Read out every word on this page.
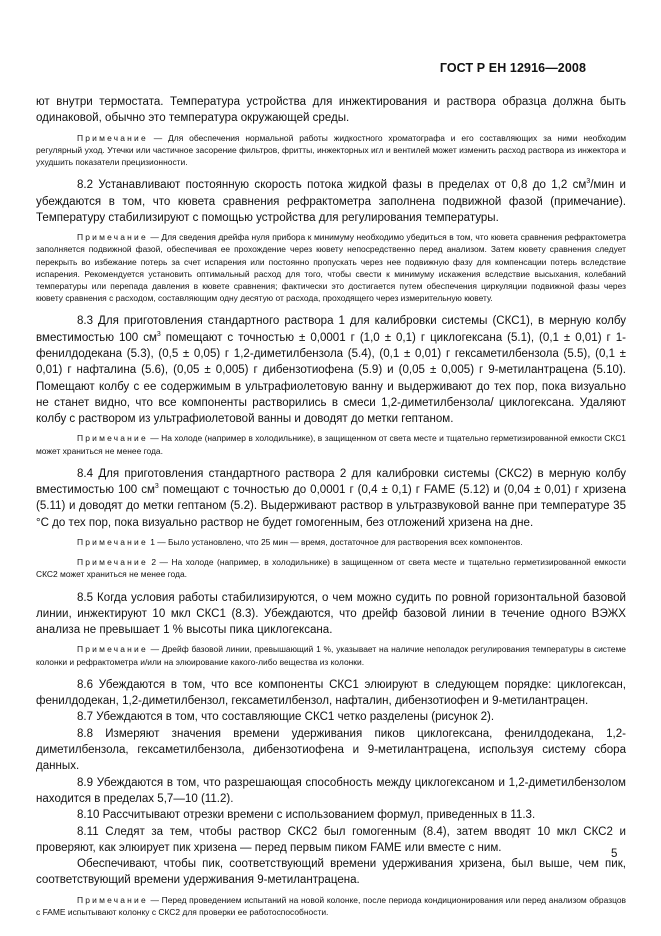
ГОСТ Р ЕН 12916—2008

ют внутри термостата. Температура устройства для инжектирования и раствора образца должна быть одинаковой, обычно это температура окружающей среды.

Примечание — Для обеспечения нормальной работы жидкостного хроматографа и его составляющих за ними необходим регулярный уход. Утечки или частичное засорение фильтров, фритты, инжекторных игл и вентилей может изменить расход раствора из инжектора и ухудшить показатели прецизионности.

8.2 Устанавливают постоянную скорость потока жидкой фазы в пределах от 0,8 до 1,2 $см^3$/мин и убеждаются в том, что кювета сравнения рефрактометра заполнена подвижной фазой (примечание). Температуру стабилизируют с помощью устройства для регулирования температуры.

Примечание — Для сведения дрейфа нуля прибора к минимуму необходимо убедиться в том, что кювета сравнения рефрактометра заполняется подвижной фазой, обеспечивая ее прохождение через кювету непосредственно перед анализом. Затем кювету сравнения следует перекрыть во избежание потерь за счет испарения или постоянно пропускать через нее подвижную фазу для компенсации потерь вследствие испарения. Рекомендуется установить оптимальный расход для того, чтобы свести к минимуму искажения вследствие высыхания, колебаний температуры или перепада давления в кювете сравнения; фактически это достигается путем обеспечения циркуляции подвижной фазы через кювету сравнения с расходом, составляющим одну десятую от расхода, проходящего через измерительную кювету.

8.3 Для приготовления стандартного раствора 1 для калибровки системы (СКС1), в мерную колбу вместимостью 100 $см^3$ помещают с точностью ± 0,0001 г (1,0 ± 0,1) г циклогексана (5.1), (0,1 ± 0,01) г 1-фенилдодекана (5.3), (0,5 ± 0,05) г 1,2-диметилбензола (5.4), (0,1 ± 0,01) г гексаметилбензола (5.5), (0,1 ± 0,01) г нафталина (5.6), (0,05 ± 0,005) г дибензотиофена (5.9) и (0,05 ± 0,005) г 9-метилантрацена (5.10). Помещают колбу с ее содержимым в ультрафиолетовую ванну и выдерживают до тех пор, пока визуально не станет видно, что все компоненты растворились в смеси 1,2-диметилбензола/ циклогексана. Удаляют колбу с раствором из ультрафиолетовой ванны и доводят до метки гептаном.

Примечание — На холоде (например в холодильнике), в защищенном от света месте и тщательно герметизированной емкости СКС1 может храниться не менее года.

8.4 Для приготовления стандартного раствора 2 для калибровки системы (СКС2) в мерную колбу вместимостью 100 $см^3$ помещают с точностью до 0,0001 г (0,4 ± 0,1) г FAME (5.12) и (0,04 ± 0,01) г хризена (5.11) и доводят до метки гептаном (5.2). Выдерживают раствор в ультразвуковой ванне при температуре 35 °С до тех пор, пока визуально раствор не будет гомогенным, без отложений хризена на дне.

Примечание 1 — Было установлено, что 25 мин — время, достаточное для растворения всех компонентов.

Примечание 2 — На холоде (например, в холодильнике) в защищенном от света месте и тщательно герметизированной емкости СКС2 может храниться не менее года.

8.5 Когда условия работы стабилизируются, о чем можно судить по ровной горизонтальной базовой линии, инжектируют 10 мкл СКС1 (8.3). Убеждаются, что дрейф базовой линии в течение одного ВЭЖХ анализа не превышает 1 % высоты пика циклогексана.

Примечание — Дрейф базовой линии, превышающий 1 %, указывает на наличие неполадок регулирования температуры в системе колонки и рефрактометра и/или на элюирование какого-либо вещества из колонки.

8.6 Убеждаются в том, что все компоненты СКС1 элюируют в следующем порядке: циклогексан, фенилдодекан, 1,2-диметилбензол, гексаметилбензол, нафталин, дибензотиофен и 9-метилантрацен.

8.7 Убеждаются в том, что составляющие СКС1 четко разделены (рисунок 2).

8.8 Измеряют значения времени удерживания пиков циклогексана, фенилдодекана, 1,2-диметилбензола, гексаметилбензола, дибензотиофена и 9-метилантрацена, используя систему сбора данных.

8.9 Убеждаются в том, что разрешающая способность между циклогексаном и 1,2-диметилбензолом находится в пределах 5,7—10 (11.2).

8.10 Рассчитывают отрезки времени с использованием формул, приведенных в 11.3.

8.11 Следят за тем, чтобы раствор СКС2 был гомогенным (8.4), затем вводят 10 мкл СКС2 и проверяют, как элюирует пик хризена — перед первым пиком FAME или вместе с ним.

Обеспечивают, чтобы пик, соответствующий времени удерживания хризена, был выше, чем пик, соответствующий времени удерживания 9-метилантрацена.

Примечание — Перед проведением испытаний на новой колонке, после периода кондиционирования или перед анализом образцов с FAME испытывают колонку с СКС2 для проверки ее работоспособности.

5
